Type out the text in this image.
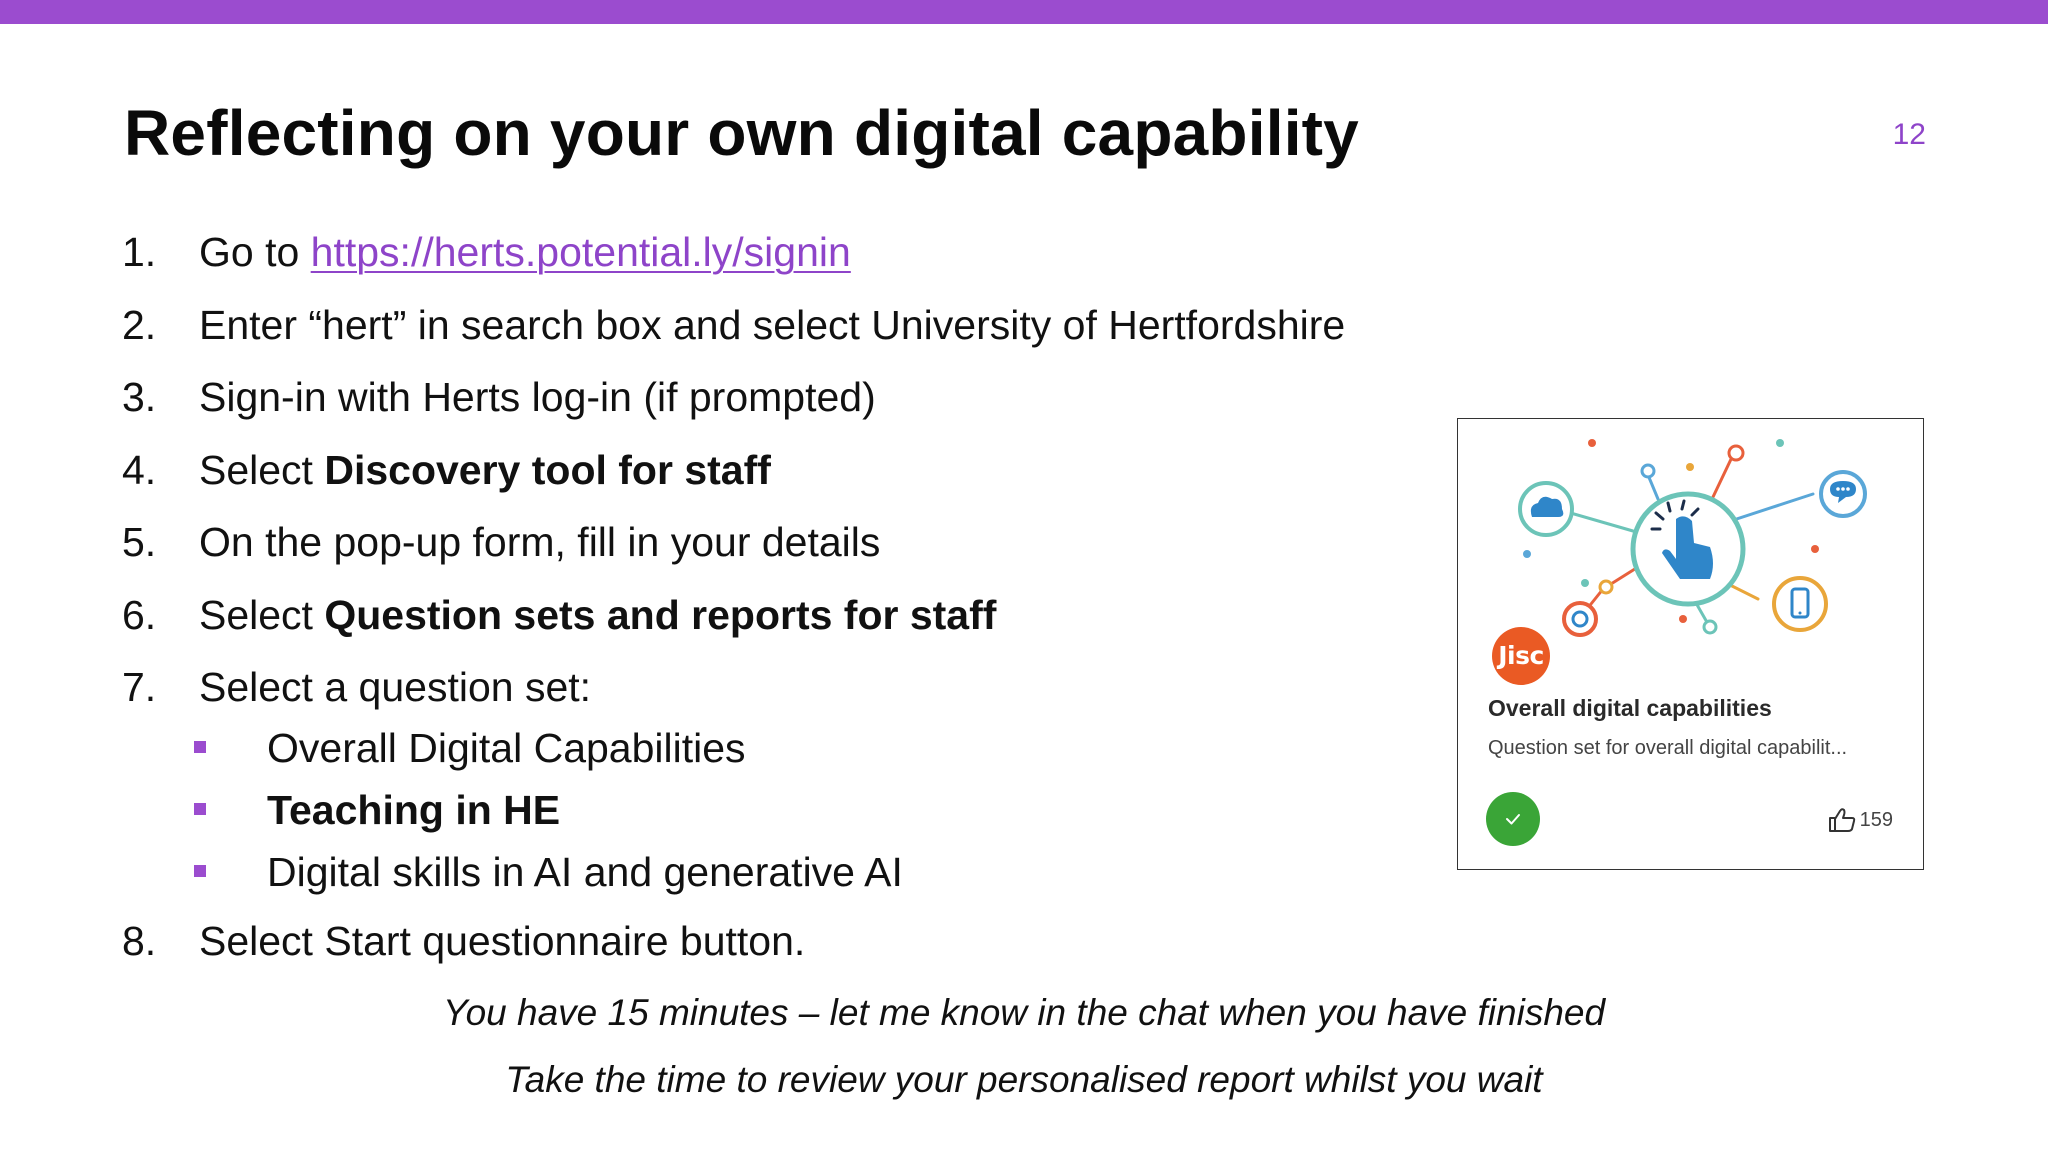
Reflecting on your own digital capability	12
1.	Go to https://herts.potential.ly/signin
2.	Enter “hert” in search box and select University of Hertfordshire
3.	Sign-in with Herts log-in (if prompted)
4.	Select Discovery tool for staff
5.	On the pop-up form, fill in your details
6.	Select Question sets and reports for staff
7.	Select a question set:
Overall Digital Capabilities
Teaching in HE
Digital skills in AI and generative AI
8.	Select Start questionnaire button.
You have 15 minutes – let me know in the chat when you have finished
Take the time to review your personalised report whilst you wait
Jisc
Overall digital capabilities
Question set for overall digital capabilit...
159
